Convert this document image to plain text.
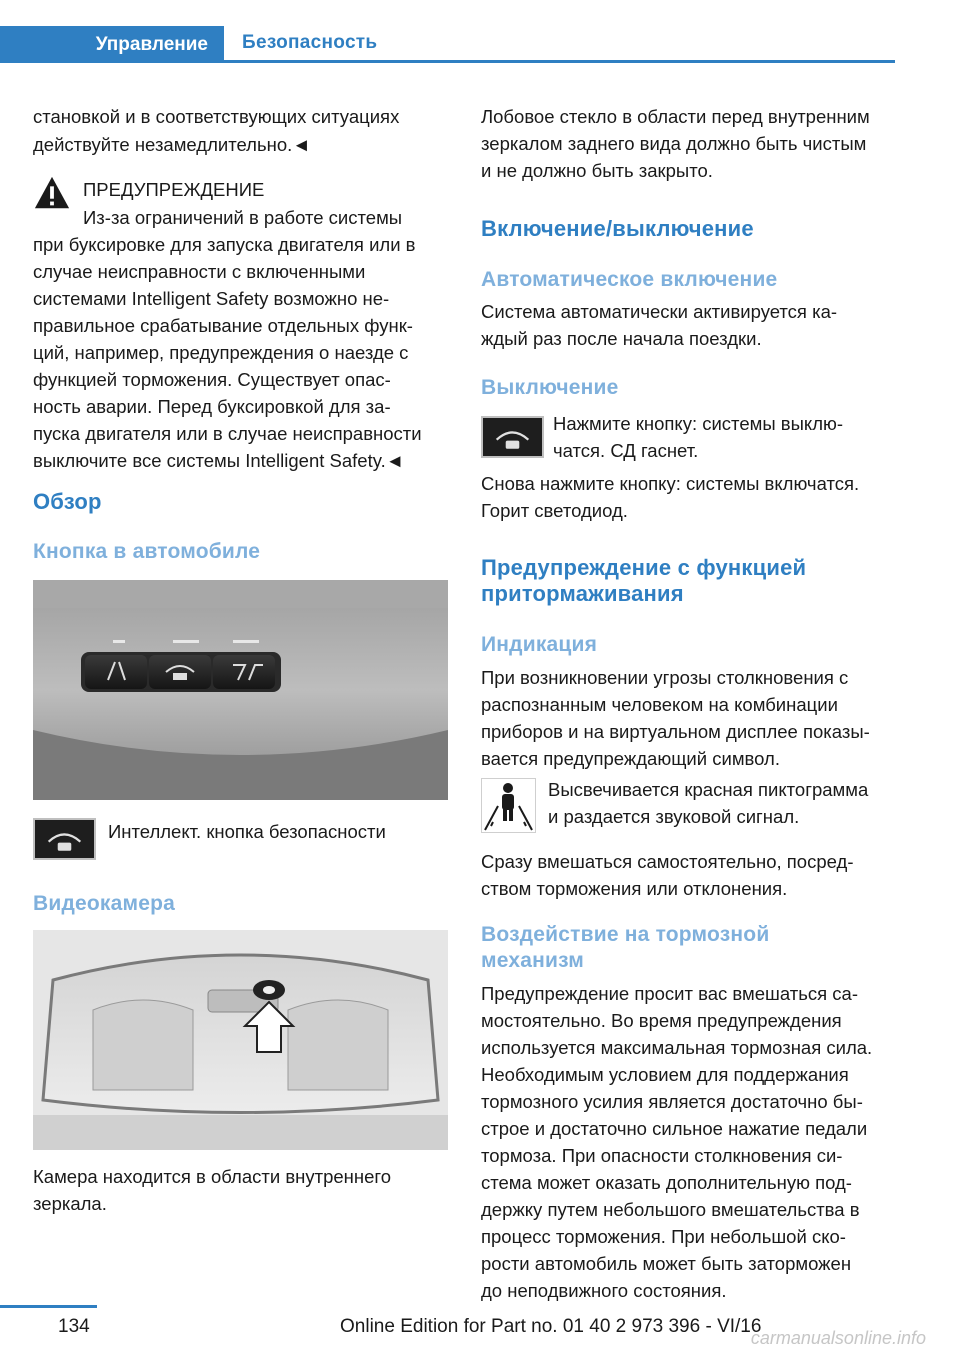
Управление	Безопасность
становкой и в соответствующих ситуациях
действуйте незамедлительно.◄
ПРЕДУПРЕЖДЕНИЕ
Из-за ограничений в работе системы
при буксировке для запуска двигателя или в
случае неисправности с включенными
системами Intelligent Safety возможно не-
правильное срабатывание отдельных функ-
ций, например, предупреждения о наезде с
функцией торможения. Существует опас-
ность аварии. Перед буксировкой для за-
пуска двигателя или в случае неисправности
выключите все системы Intelligent Safety.◄
Обзор
Кнопка в автомобиле
Интеллект. кнопка безопасности
Видеокамера
Камера находится в области внутреннего
зеркала.
Лобовое стекло в области перед внутренним
зеркалом заднего вида должно быть чистым
и не должно быть закрыто.
Включение/выключение
Автоматическое включение
Система автоматически активируется ка-
ждый раз после начала поездки.
Выключение
Нажмите кнопку: системы выклю-
чатся. СД гаснет.
Снова нажмите кнопку: системы включатся.
Горит светодиод.
Предупреждение с функцией
притормаживания
Индикация
При возникновении угрозы столкновения с
распознанным человеком на комбинации
приборов и на виртуальном дисплее показы-
вается предупреждающий символ.
Высвечивается красная пиктограмма
и раздается звуковой сигнал.
Сразу вмешаться самостоятельно, посред-
ством торможения или отклонения.
Воздействие на тормозной
механизм
Предупреждение просит вас вмешаться са-
мостоятельно. Во время предупреждения
используется максимальная тормозная сила.
Необходимым условием для поддержания
тормозного усилия является достаточно бы-
строе и достаточно сильное нажатие педали
тормоза. При опасности столкновения си-
стема может оказать дополнительную под-
держку путем небольшого вмешательства в
процесс торможения. При небольшой ско-
рости автомобиль может быть заторможен
до неподвижного состояния.
134	Online Edition for Part no. 01 40 2 973 396 - VI/16
carmanualsonline.info
